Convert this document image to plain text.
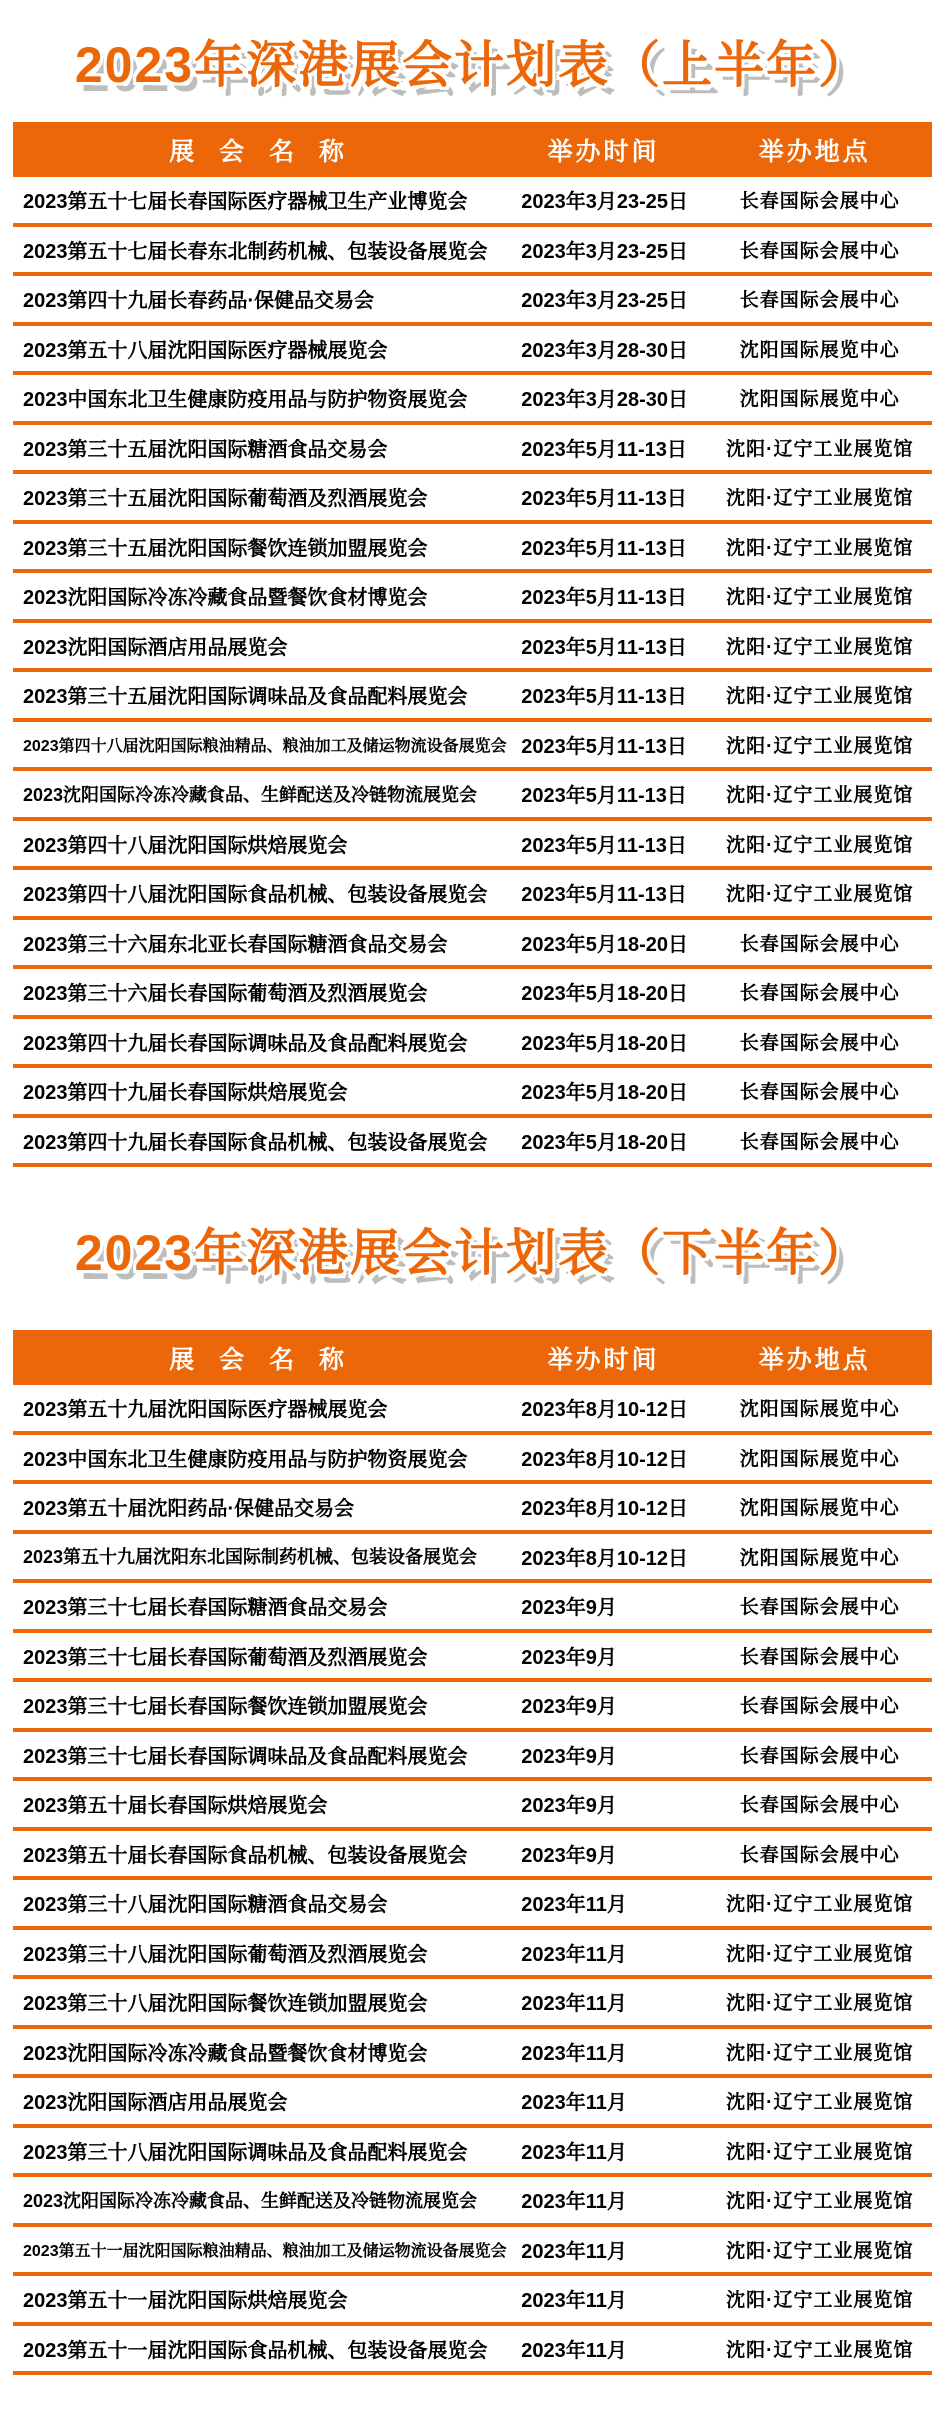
2023年深港展会计划表（上半年）
展 会 名 称	举办时间	举办地点
2023第五十七届长春国际医疗器械卫生产业博览会	2023年3月23-25日	长春国际会展中心
2023第五十七届长春东北制药机械、包装设备展览会	2023年3月23-25日	长春国际会展中心
2023第四十九届长春药品·保健品交易会	2023年3月23-25日	长春国际会展中心
2023第五十八届沈阳国际医疗器械展览会	2023年3月28-30日	沈阳国际展览中心
2023中国东北卫生健康防疫用品与防护物资展览会	2023年3月28-30日	沈阳国际展览中心
2023第三十五届沈阳国际糖酒食品交易会	2023年5月11-13日	沈阳·辽宁工业展览馆
2023第三十五届沈阳国际葡萄酒及烈酒展览会	2023年5月11-13日	沈阳·辽宁工业展览馆
2023第三十五届沈阳国际餐饮连锁加盟展览会	2023年5月11-13日	沈阳·辽宁工业展览馆
2023沈阳国际冷冻冷藏食品暨餐饮食材博览会	2023年5月11-13日	沈阳·辽宁工业展览馆
2023沈阳国际酒店用品展览会	2023年5月11-13日	沈阳·辽宁工业展览馆
2023第三十五届沈阳国际调味品及食品配料展览会	2023年5月11-13日	沈阳·辽宁工业展览馆
2023第四十八届沈阳国际粮油精品、粮油加工及储运物流设备展览会 2023年5月11-13日	沈阳·辽宁工业展览馆
2023沈阳国际冷冻冷藏食品、生鲜配送及冷链物流展览会	2023年5月11-13日	沈阳·辽宁工业展览馆
2023第四十八届沈阳国际烘焙展览会	2023年5月11-13日	沈阳·辽宁工业展览馆
2023第四十八届沈阳国际食品机械、包装设备展览会	2023年5月11-13日	沈阳·辽宁工业展览馆
2023第三十六届东北亚长春国际糖酒食品交易会	2023年5月18-20日	长春国际会展中心
2023第三十六届长春国际葡萄酒及烈酒展览会	2023年5月18-20日	长春国际会展中心
2023第四十九届长春国际调味品及食品配料展览会	2023年5月18-20日	长春国际会展中心
2023第四十九届长春国际烘焙展览会	2023年5月18-20日	长春国际会展中心
2023第四十九届长春国际食品机械、包装设备展览会	2023年5月18-20日	长春国际会展中心
2023年深港展会计划表（下半年）
展 会 名 称	举办时间	举办地点
2023第五十九届沈阳国际医疗器械展览会	2023年8月10-12日	沈阳国际展览中心
2023中国东北卫生健康防疫用品与防护物资展览会	2023年8月10-12日	沈阳国际展览中心
2023第五十届沈阳药品·保健品交易会	2023年8月10-12日	沈阳国际展览中心
2023第五十九届沈阳东北国际制药机械、包装设备展览会	2023年8月10-12日	沈阳国际展览中心
2023第三十七届长春国际糖酒食品交易会	2023年9月	长春国际会展中心
2023第三十七届长春国际葡萄酒及烈酒展览会	2023年9月	长春国际会展中心
2023第三十七届长春国际餐饮连锁加盟展览会	2023年9月	长春国际会展中心
2023第三十七届长春国际调味品及食品配料展览会	2023年9月	长春国际会展中心
2023第五十届长春国际烘焙展览会	2023年9月	长春国际会展中心
2023第五十届长春国际食品机械、包装设备展览会	2023年9月	长春国际会展中心
2023第三十八届沈阳国际糖酒食品交易会	2023年11月	沈阳·辽宁工业展览馆
2023第三十八届沈阳国际葡萄酒及烈酒展览会	2023年11月	沈阳·辽宁工业展览馆
2023第三十八届沈阳国际餐饮连锁加盟展览会	2023年11月	沈阳·辽宁工业展览馆
2023沈阳国际冷冻冷藏食品暨餐饮食材博览会	2023年11月	沈阳·辽宁工业展览馆
2023沈阳国际酒店用品展览会	2023年11月	沈阳·辽宁工业展览馆
2023第三十八届沈阳国际调味品及食品配料展览会	2023年11月	沈阳·辽宁工业展览馆
2023沈阳国际冷冻冷藏食品、生鲜配送及冷链物流展览会	2023年11月	沈阳·辽宁工业展览馆
2023第五十一届沈阳国际粮油精品、粮油加工及储运物流设备展览会 2023年11月	沈阳·辽宁工业展览馆
2023第五十一届沈阳国际烘焙展览会	2023年11月	沈阳·辽宁工业展览馆
2023第五十一届沈阳国际食品机械、包装设备展览会	2023年11月	沈阳·辽宁工业展览馆
